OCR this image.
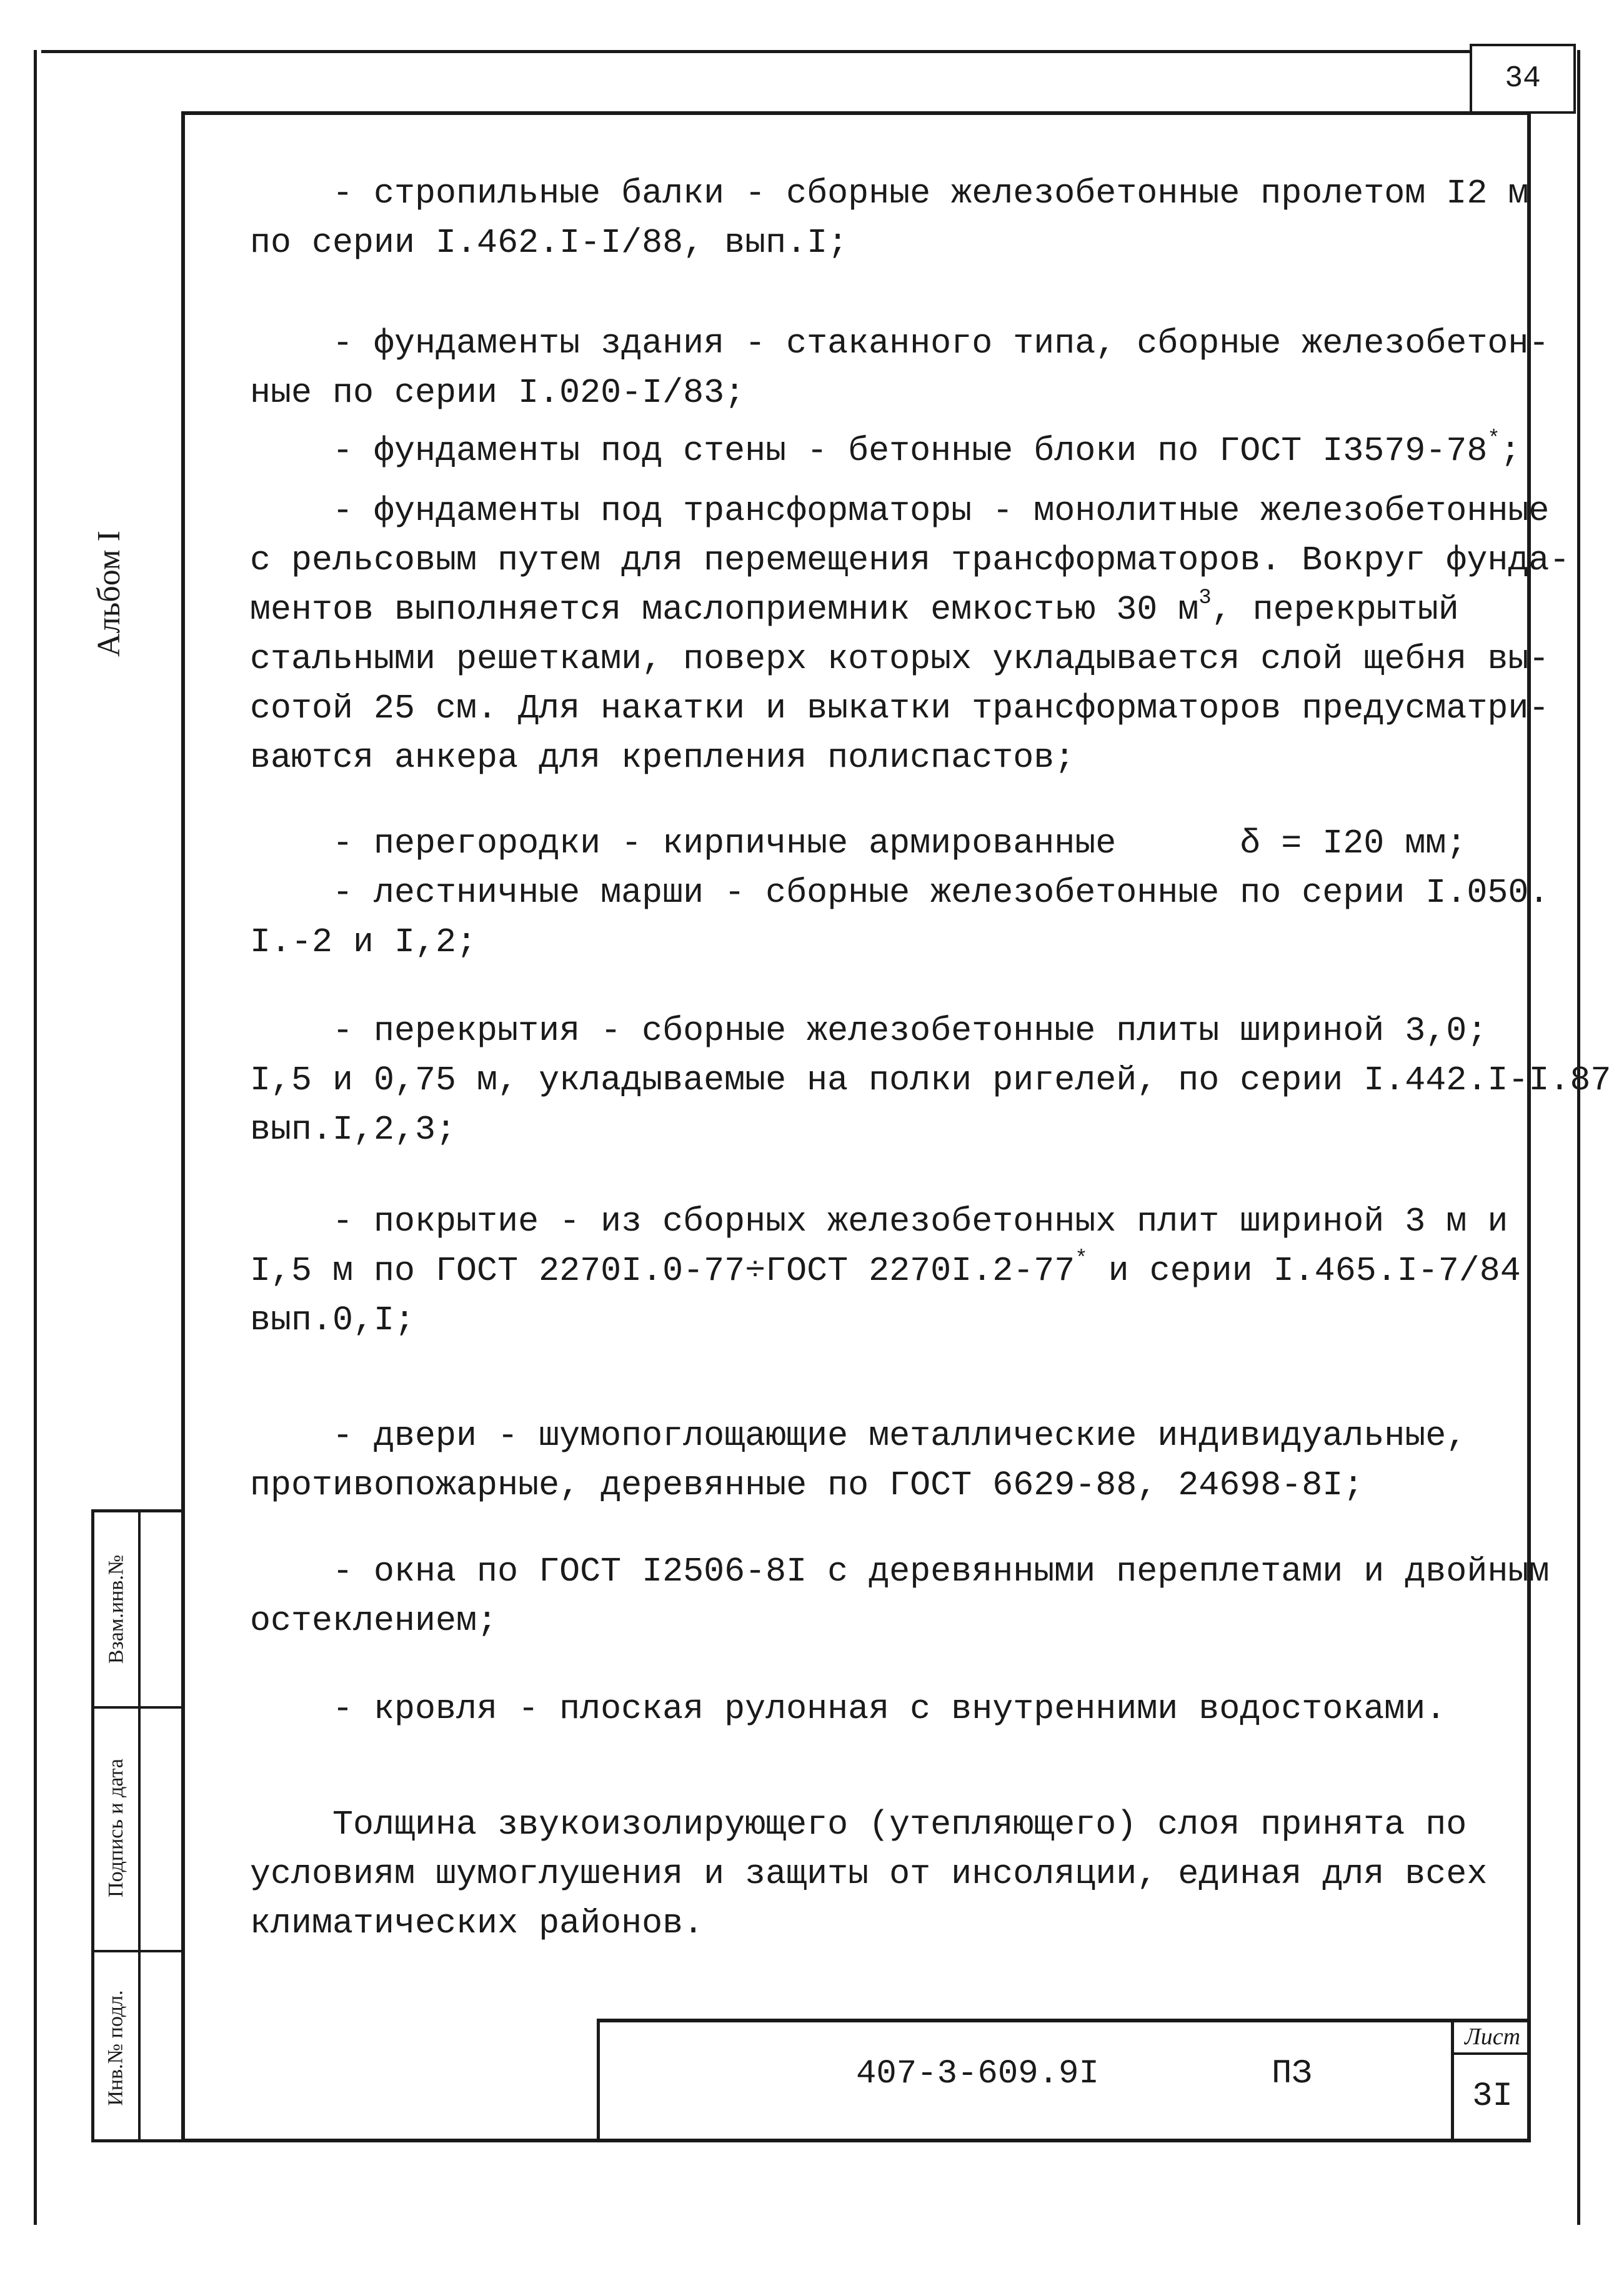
34
Альбом I
Взам.инв.№
Подпись и дата
Инв.№ подл.

- стропильные балки - сборные железобетонные пролетом I2 м
по серии I.462.I-I/88, вып.I;

- фундаменты здания - стаканного типа, сборные железобетон-
ные по серии I.020-I/83;

- фундаменты под стены - бетонные блоки по ГОСТ I3579-78*;

- фундаменты под трансформаторы - монолитные железобетонные
с рельсовым путем для перемещения трансформаторов. Вокруг фунда-

ментов выполняется маслоприемник емкостью 30 $м^3$, перекрытый

стальными решетками, поверх которых укладывается слой щебня вы-
сотой 25 см. Для накатки и выкатки трансформаторов предусматри-
ваются анкера для крепления полиспастов;

- перегородки - кирпичные армированные      δ = I20 мм;
- лестничные марши - сборные железобетонные по серии I.050.
I.-2 и I,2;

- перекрытия - сборные железобетонные плиты шириной 3,0;
I,5 и 0,75 м, укладываемые на полки ригелей, по серии I.442.I-I.87
вып.I,2,3;

- покрытие - из сборных железобетонных плит шириной 3 м и

I,5 м по ГОСТ 2270I.0-77÷ГОСТ 2270I.2-77* и серии I.465.I-7/84

вып.0,I;

- двери - шумопоглощающие металлические индивидуальные,
противопожарные, деревянные по ГОСТ 6629-88, 24698-8I;

- окна по ГОСТ I2506-8I с деревянными переплетами и двойным
остеклением;

- кровля - плоская рулонная с внутренними водостоками.

Толщина звукоизолирующего (утепляющего) слоя принята по
условиям шумоглушения и защиты от инсоляции, единая для всех
климатических районов.

407-3-609.9I	ПЗ
Лист
3I
